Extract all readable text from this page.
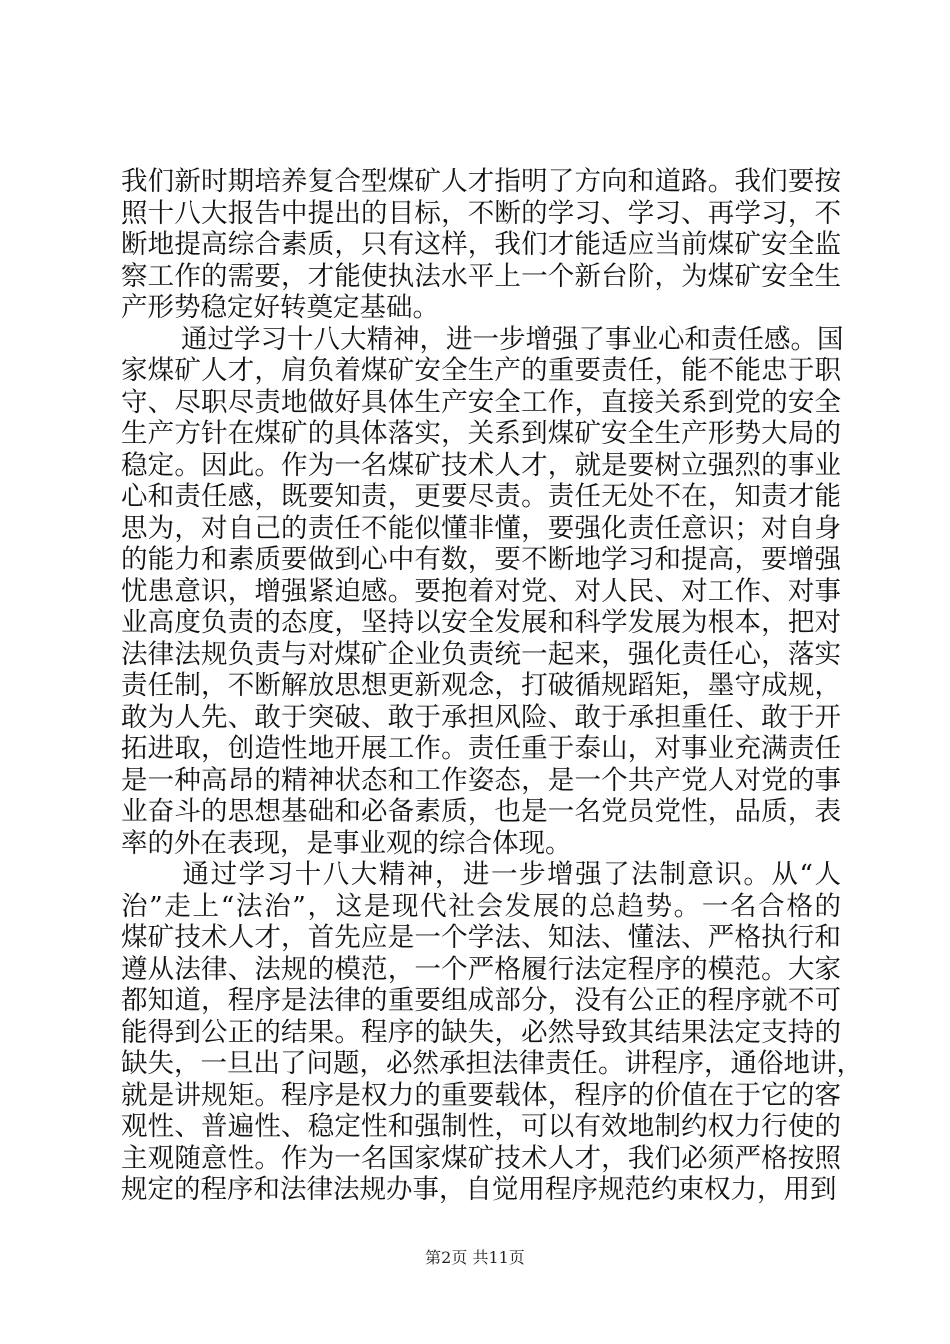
我们新时期培养复合型煤矿人才指明了方向和道路。我们要按
照十八大报告中提出的目标，不断的学习、学习、再学习，不
断地提高综合素质，只有这样，我们才能适应当前煤矿安全监
察工作的需要，才能使执法水平上一个新台阶，为煤矿安全生
产形势稳定好转奠定基础。
通过学习十八大精神，进一步增强了事业心和责任感。国
家煤矿人才，肩负着煤矿安全生产的重要责任，能不能忠于职
守、尽职尽责地做好具体生产安全工作，直接关系到党的安全
生产方针在煤矿的具体落实，关系到煤矿安全生产形势大局的
稳定。因此。作为一名煤矿技术人才，就是要树立强烈的事业
心和责任感，既要知责，更要尽责。责任无处不在，知责才能
思为，对自己的责任不能似懂非懂，要强化责任意识；对自身
的能力和素质要做到心中有数，要不断地学习和提高，要增强
忧患意识，增强紧迫感。要抱着对党、对人民、对工作、对事
业高度负责的态度，坚持以安全发展和科学发展为根本，把对
法律法规负责与对煤矿企业负责统一起来，强化责任心，落实
责任制，不断解放思想更新观念，打破循规蹈矩，墨守成规，
敢为人先、敢于突破、敢于承担风险、敢于承担重任、敢于开
拓进取，创造性地开展工作。责任重于泰山，对事业充满责任
是一种高昂的精神状态和工作姿态，是一个共产党人对党的事
业奋斗的思想基础和必备素质，也是一名党员党性，品质，表
率的外在表现，是事业观的综合体现。
通过学习十八大精神，进一步增强了法制意识。从“人
治”走上“法治”，这是现代社会发展的总趋势。一名合格的
煤矿技术人才，首先应是一个学法、知法、懂法、严格执行和
遵从法律、法规的模范，一个严格履行法定程序的模范。大家
都知道，程序是法律的重要组成部分，没有公正的程序就不可
能得到公正的结果。程序的缺失，必然导致其结果法定支持的
缺失，一旦出了问题，必然承担法律责任。讲程序，通俗地讲，
就是讲规矩。程序是权力的重要载体，程序的价值在于它的客
观性、普遍性、稳定性和强制性，可以有效地制约权力行使的
主观随意性。作为一名国家煤矿技术人才，我们必须严格按照
规定的程序和法律法规办事，自觉用程序规范约束权力，用到
第2页 共11页
